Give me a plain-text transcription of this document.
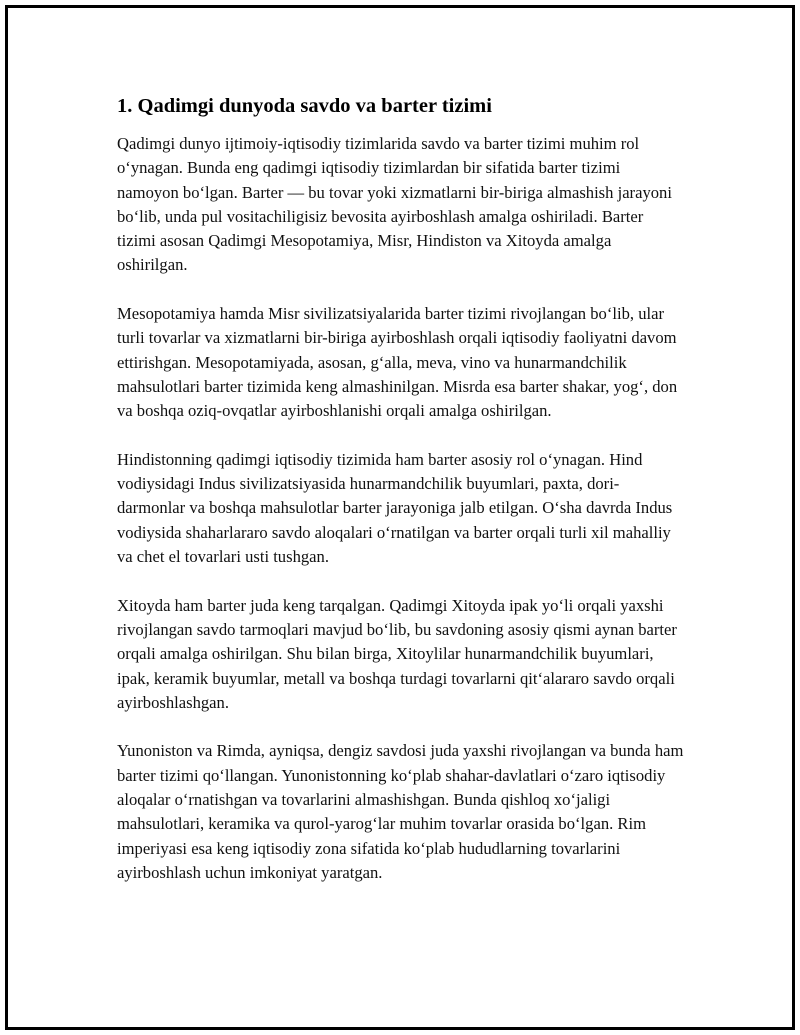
1. Qadimgi dunyoda savdo va barter tizimi

Qadimgi dunyo ijtimoiy-iqtisodiy tizimlarida savdo va barter tizimi muhim rol o‘ynagan. Bunda eng qadimgi iqtisodiy tizimlardan bir sifatida barter tizimi namoyon bo‘lgan. Barter — bu tovar yoki xizmatlarni bir-biriga almashish jarayoni bo‘lib, unda pul vositachiligisiz bevosita ayirboshlash amalga oshiriladi. Barter tizimi asosan Qadimgi Mesopotamiya, Misr, Hindiston va Xitoyda amalga oshirilgan.

Mesopotamiya hamda Misr sivilizatsiyalarida barter tizimi rivojlangan bo‘lib, ular turli tovarlar va xizmatlarni bir-biriga ayirboshlash orqali iqtisodiy faoliyatni davom ettirishgan. Mesopotamiyada, asosan, g‘alla, meva, vino va hunarmandchilik mahsulotlari barter tizimida keng almashinilgan. Misrda esa barter shakar, yog‘, don va boshqa oziq-ovqatlar ayirboshlanishi orqali amalga oshirilgan.

Hindistonning qadimgi iqtisodiy tizimida ham barter asosiy rol o‘ynagan. Hind vodiysidagi Indus sivilizatsiyasida hunarmandchilik buyumlari, paxta, dori-darmonlar va boshqa mahsulotlar barter jarayoniga jalb etilgan. O‘sha davrda Indus vodiysida shaharlararo savdo aloqalari o‘rnatilgan va barter orqali turli xil mahalliy va chet el tovarlari usti tushgan.

Xitoyda ham barter juda keng tarqalgan. Qadimgi Xitoyda ipak yo‘li orqali yaxshi rivojlangan savdo tarmoqlari mavjud bo‘lib, bu savdoning asosiy qismi aynan barter orqali amalga oshirilgan. Shu bilan birga, Xitoylilar hunarmandchilik buyumlari, ipak, keramik buyumlar, metall va boshqa turdagi tovarlarni qit‘alararo savdo orqali ayirboshlashgan.

Yunoniston va Rimda, ayniqsa, dengiz savdosi juda yaxshi rivojlangan va bunda ham barter tizimi qo‘llangan. Yunonistonning ko‘plab shahar-davlatlari o‘zaro iqtisodiy aloqalar o‘rnatishgan va tovarlarini almashishgan. Bunda qishloq xo‘jaligi mahsulotlari, keramika va qurol-yarog‘lar muhim tovarlar orasida bo‘lgan. Rim imperiyasi esa keng iqtisodiy zona sifatida ko‘plab hududlarning tovarlarini ayirboshlash uchun imkoniyat yaratgan.
